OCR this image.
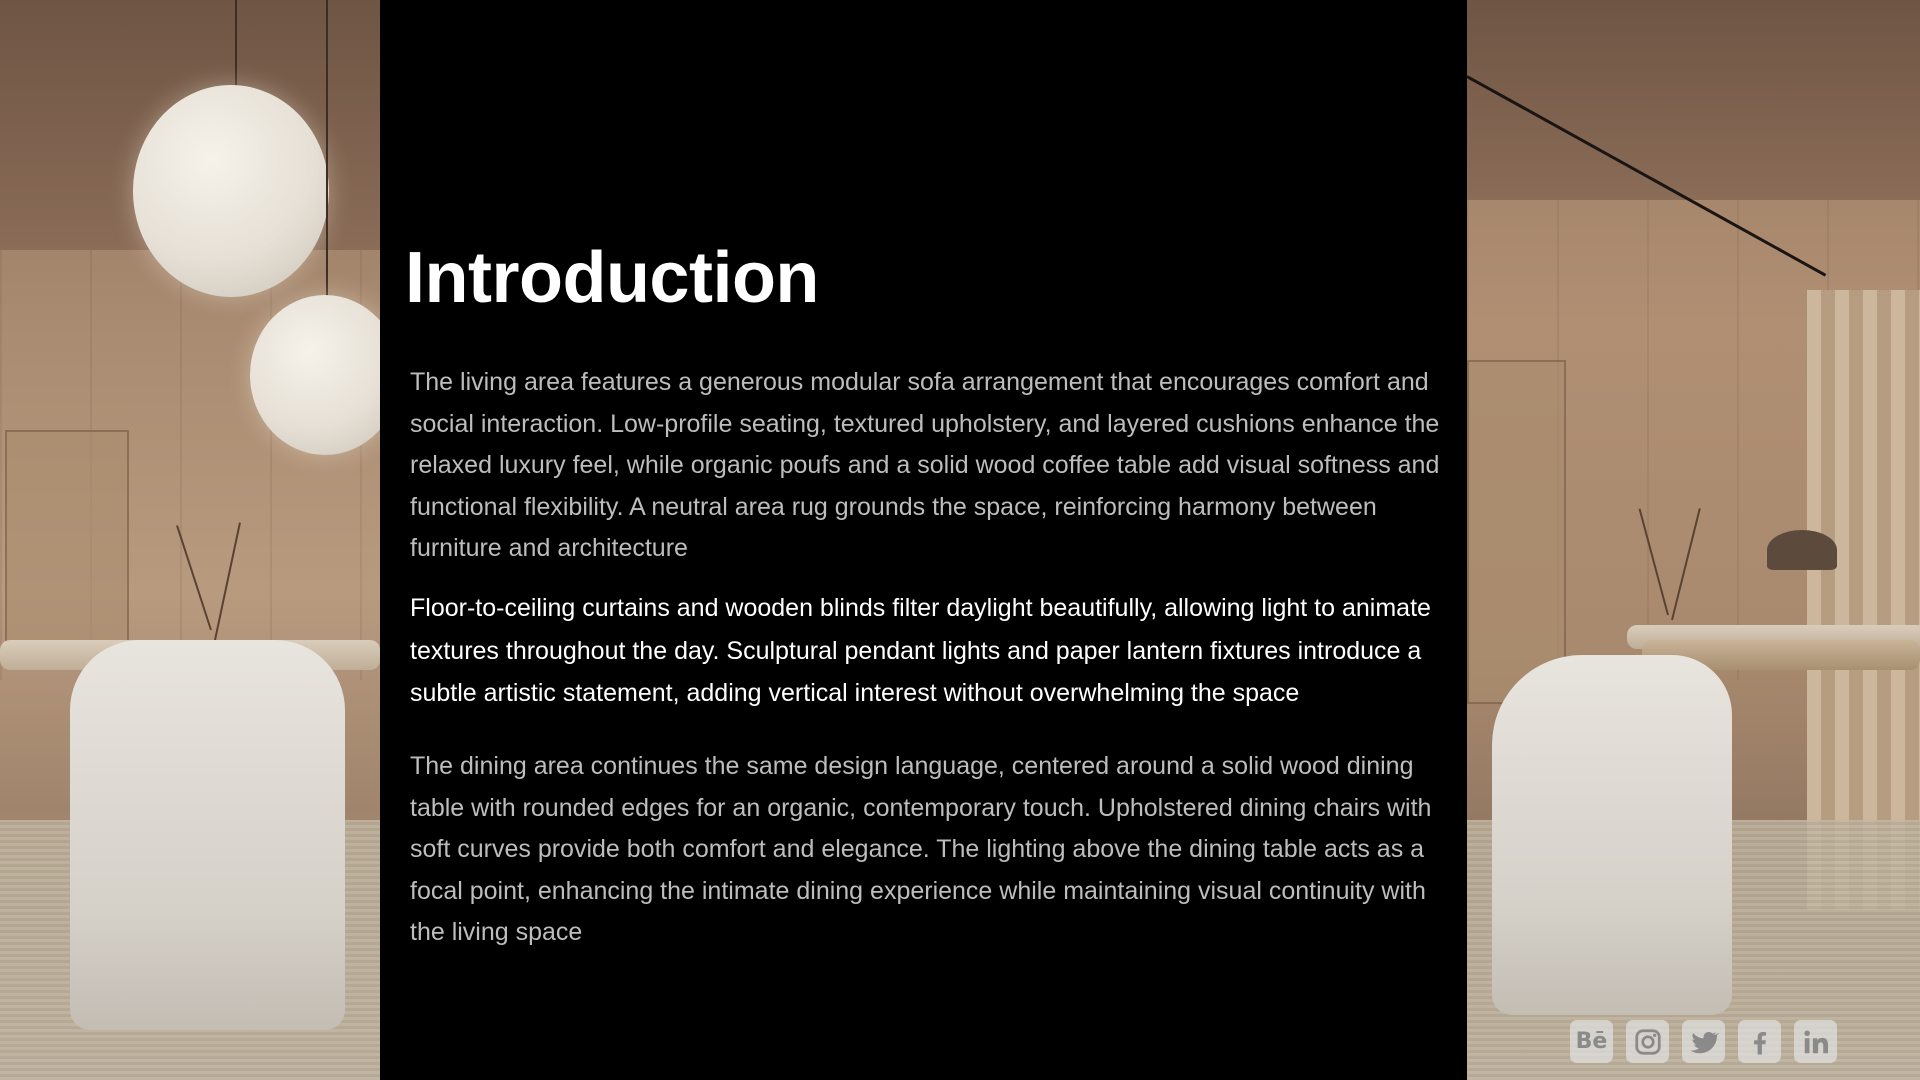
Introduction

The living area features a generous modular sofa arrangement that encourages comfort and social interaction. Low-profile seating, textured upholstery, and layered cushions enhance the relaxed luxury feel, while organic poufs and a solid wood coffee table add visual softness and functional flexibility. A neutral area rug grounds the space, reinforcing harmony between furniture and architecture

Floor-to-ceiling curtains and wooden blinds filter daylight beautifully, allowing light to animate textures throughout the day. Sculptural pendant lights and paper lantern fixtures introduce a subtle artistic statement, adding vertical interest without overwhelming the space

The dining area continues the same design language, centered around a solid wood dining table with rounded edges for an organic, contemporary touch. Upholstered dining chairs with soft curves provide both comfort and elegance. The lighting above the dining table acts as a focal point, enhancing the intimate dining experience while maintaining visual continuity with the living space

Bē
